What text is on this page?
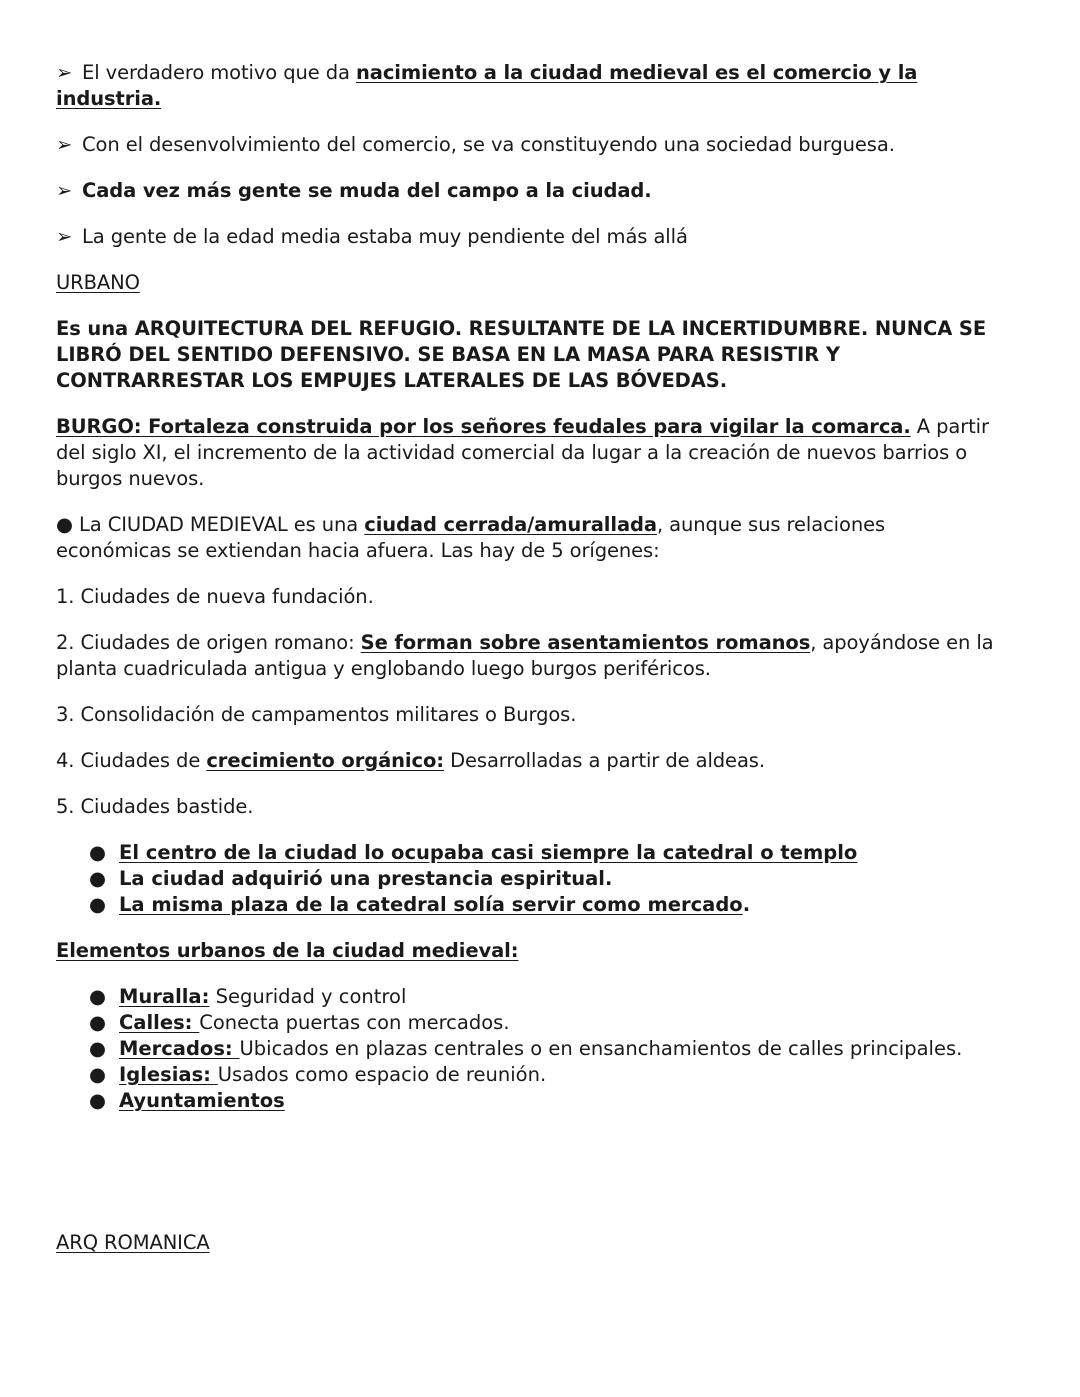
➢ El verdadero motivo que da nacimiento a la ciudad medieval es el comercio y la industria.

➢ Con el desenvolvimiento del comercio, se va constituyendo una sociedad burguesa.

➢ Cada vez más gente se muda del campo a la ciudad.

➢ La gente de la edad media estaba muy pendiente del más allá

URBANO

Es una ARQUITECTURA DEL REFUGIO. RESULTANTE DE LA INCERTIDUMBRE. NUNCA SE LIBRÓ DEL SENTIDO DEFENSIVO. SE BASA EN LA MASA PARA RESISTIR Y CONTRARRESTAR LOS EMPUJES LATERALES DE LAS BÓVEDAS.

BURGO: Fortaleza construida por los señores feudales para vigilar la comarca. A partir del siglo XI, el incremento de la actividad comercial da lugar a la creación de nuevos barrios o burgos nuevos.

● La CIUDAD MEDIEVAL es una ciudad cerrada/amurallada, aunque sus relaciones económicas se extiendan hacia afuera. Las hay de 5 orígenes:

1. Ciudades de nueva fundación.

2. Ciudades de origen romano: Se forman sobre asentamientos romanos, apoyándose en la planta cuadriculada antigua y englobando luego burgos periféricos.

3. Consolidación de campamentos militares o Burgos.

4. Ciudades de crecimiento orgánico: Desarrolladas a partir de aldeas.

5. Ciudades bastide.

● El centro de la ciudad lo ocupaba casi siempre la catedral o templo
● La ciudad adquirió una prestancia espiritual.
● La misma plaza de la catedral solía servir como mercado.

Elementos urbanos de la ciudad medieval:

● Muralla: Seguridad y control
● Calles: Conecta puertas con mercados.
● Mercados: Ubicados en plazas centrales o en ensanchamientos de calles principales.
● Iglesias: Usados como espacio de reunión.
● Ayuntamientos

ARQ ROMANICA
